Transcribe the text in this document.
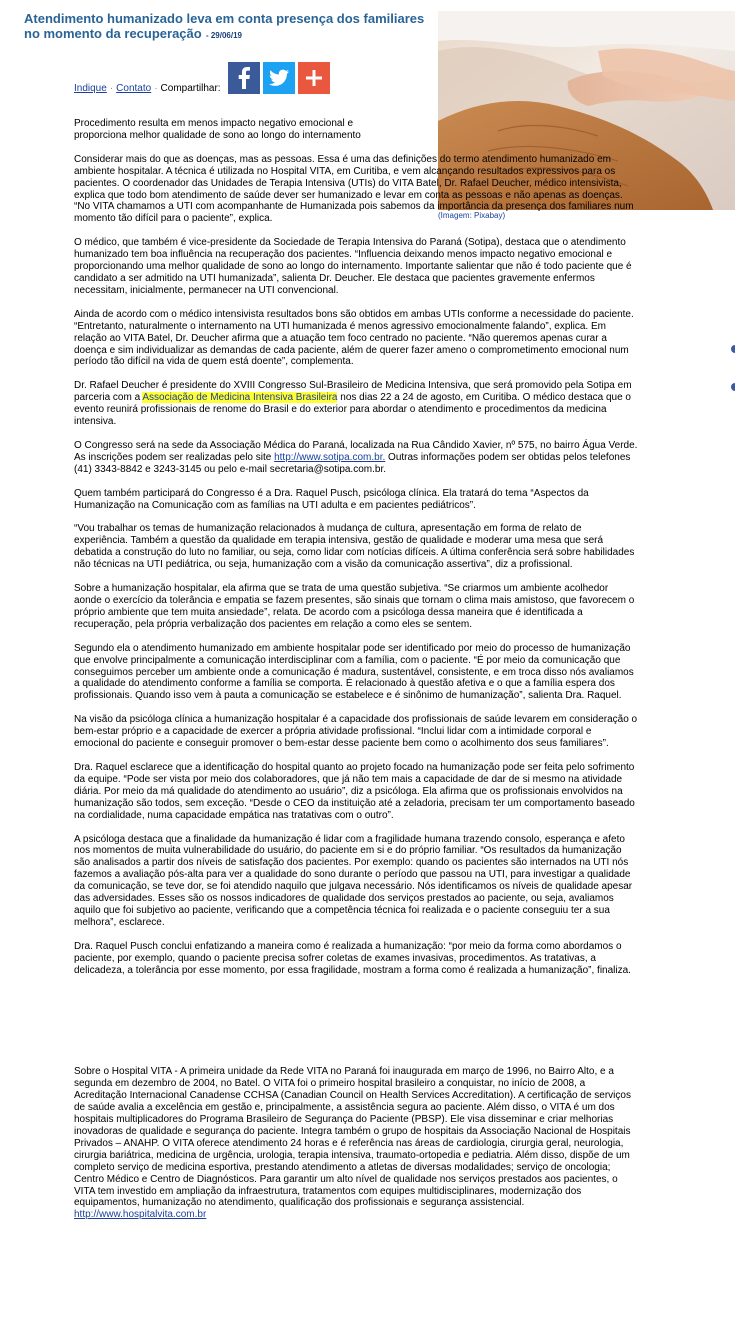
Atendimento humanizado leva em conta presença dos familiares no momento da recuperação - 29/06/19
Indique · Contato · Compartilhar:
(Imagem: Pixabay)

Procedimento resulta em menos impacto negativo emocional e proporciona melhor qualidade de sono ao longo do internamento

Considerar mais do que as doenças, mas as pessoas. Essa é uma das definições do termo atendimento humanizado em ambiente hospitalar. A técnica é utilizada no Hospital VITA, em Curitiba, e vem alcançando resultados expressivos para os pacientes. O coordenador das Unidades de Terapia Intensiva (UTIs) do VITA Batel, Dr. Rafael Deucher, médico intensivista, explica que todo bom atendimento de saúde dever ser humanizado e levar em conta as pessoas e não apenas as doenças. “No VITA chamamos a UTI com acompanhante de Humanizada pois sabemos da importância da presença dos familiares num momento tão difícil para o paciente”, explica.

O médico, que também é vice-presidente da Sociedade de Terapia Intensiva do Paraná (Sotipa), destaca que o atendimento humanizado tem boa influência na recuperação dos pacientes. “Influencia deixando menos impacto negativo emocional e proporcionando uma melhor qualidade de sono ao longo do internamento. Importante salientar que não é todo paciente que é candidato a ser admitido na UTI humanizada”, salienta Dr. Deucher. Ele destaca que pacientes gravemente enfermos necessitam, inicialmente, permanecer na UTI convencional.

Ainda de acordo com o médico intensivista resultados bons são obtidos em ambas UTIs conforme a necessidade do paciente. “Entretanto, naturalmente o internamento na UTI humanizada é menos agressivo emocionalmente falando”, explica. Em relação ao VITA Batel, Dr. Deucher afirma que a atuação tem foco centrado no paciente. “Não queremos apenas curar a doença e sim individualizar as demandas de cada paciente, além de querer fazer ameno o comprometimento emocional num período tão difícil na vida de quem está doente”, complementa.

Dr. Rafael Deucher é presidente do XVIII Congresso Sul-Brasileiro de Medicina Intensiva, que será promovido pela Sotipa em parceria com a Associação de Medicina Intensiva Brasileira nos dias 22 a 24 de agosto, em Curitiba. O médico destaca que o evento reunirá profissionais de renome do Brasil e do exterior para abordar o atendimento e procedimentos da medicina intensiva.

O Congresso será na sede da Associação Médica do Paraná, localizada na Rua Cândido Xavier, nº 575, no bairro Água Verde. As inscrições podem ser realizadas pelo site http://www.sotipa.com.br. Outras informações podem ser obtidas pelos telefones (41) 3343-8842 e 3243-3145 ou pelo e-mail secretaria@sotipa.com.br.

Quem também participará do Congresso é a Dra. Raquel Pusch, psicóloga clínica. Ela tratará do tema “Aspectos da Humanização na Comunicação com as famílias na UTI adulta e em pacientes pediátricos”.

“Vou trabalhar os temas de humanização relacionados à mudança de cultura, apresentação em forma de relato de experiência. Também a questão da qualidade em terapia intensiva, gestão de qualidade e moderar uma mesa que será debatida a construção do luto no familiar, ou seja, como lidar com notícias difíceis. A última conferência será sobre habilidades não técnicas na UTI pediátrica, ou seja, humanização com a visão da comunicação assertiva”, diz a profissional.

Sobre a humanização hospitalar, ela afirma que se trata de uma questão subjetiva. “Se criarmos um ambiente acolhedor aonde o exercício da tolerância e empatia se fazem presentes, são sinais que tornam o clima mais amistoso, que favorecem o próprio ambiente que tem muita ansiedade”, relata. De acordo com a psicóloga dessa maneira que é identificada a recuperação, pela própria verbalização dos pacientes em relação a como eles se sentem.

Segundo ela o atendimento humanizado em ambiente hospitalar pode ser identificado por meio do processo de humanização que envolve principalmente a comunicação interdisciplinar com a família, com o paciente. “É por meio da comunicação que conseguimos perceber um ambiente onde a comunicação é madura, sustentável, consistente, e em troca disso nós avaliamos a qualidade do atendimento conforme a família se comporta. É relacionado à questão afetiva e o que a família espera dos profissionais. Quando isso vem à pauta a comunicação se estabelece e é sinônimo de humanização”, salienta Dra. Raquel.

Na visão da psicóloga clínica a humanização hospitalar é a capacidade dos profissionais de saúde levarem em consideração o bem-estar próprio e a capacidade de exercer a própria atividade profissional. “Inclui lidar com a intimidade corporal e emocional do paciente e conseguir promover o bem-estar desse paciente bem como o acolhimento dos seus familiares”.

Dra. Raquel esclarece que a identificação do hospital quanto ao projeto focado na humanização pode ser feita pelo sofrimento da equipe. “Pode ser vista por meio dos colaboradores, que já não tem mais a capacidade de dar de si mesmo na atividade diária. Por meio da má qualidade do atendimento ao usuário”, diz a psicóloga. Ela afirma que os profissionais envolvidos na humanização são todos, sem exceção. “Desde o CEO da instituição até a zeladoria, precisam ter um comportamento baseado na cordialidade, numa capacidade empática nas tratativas com o outro”.

A psicóloga destaca que a finalidade da humanização é lidar com a fragilidade humana trazendo consolo, esperança e afeto nos momentos de muita vulnerabilidade do usuário, do paciente em si e do próprio familiar. “Os resultados da humanização são analisados a partir dos níveis de satisfação dos pacientes. Por exemplo: quando os pacientes são internados na UTI nós fazemos a avaliação pós-alta para ver a qualidade do sono durante o período que passou na UTI, para investigar a qualidade da comunicação, se teve dor, se foi atendido naquilo que julgava necessário. Nós identificamos os níveis de qualidade apesar das adversidades. Esses são os nossos indicadores de qualidade dos serviços prestados ao paciente, ou seja, avaliamos aquilo que foi subjetivo ao paciente, verificando que a competência técnica foi realizada e o paciente conseguiu ter a sua melhora”, esclarece.

Dra. Raquel Pusch conclui enfatizando a maneira como é realizada a humanização: “por meio da forma como abordamos o paciente, por exemplo, quando o paciente precisa sofrer coletas de exames invasivas, procedimentos. As tratativas, a delicadeza, a tolerância por esse momento, por essa fragilidade, mostram a forma como é realizada a humanização”, finaliza.

Sobre o Hospital VITA - A primeira unidade da Rede VITA no Paraná foi inaugurada em março de 1996, no Bairro Alto, e a segunda em dezembro de 2004, no Batel. O VITA foi o primeiro hospital brasileiro a conquistar, no início de 2008, a Acreditação Internacional Canadense CCHSA (Canadian Council on Health Services Accreditation). A certificação de serviços de saúde avalia a excelência em gestão e, principalmente, a assistência segura ao paciente. Além disso, o VITA é um dos hospitais multiplicadores do Programa Brasileiro de Segurança do Paciente (PBSP). Ele visa disseminar e criar melhorias inovadoras de qualidade e segurança do paciente. Integra também o grupo de hospitais da Associação Nacional de Hospitais Privados – ANAHP. O VITA oferece atendimento 24 horas e é referência nas áreas de cardiologia, cirurgia geral, neurologia, cirurgia bariátrica, medicina de urgência, urologia, terapia intensiva, traumato-ortopedia e pediatria. Além disso, dispõe de um completo serviço de medicina esportiva, prestando atendimento a atletas de diversas modalidades; serviço de oncologia; Centro Médico e Centro de Diagnósticos. Para garantir um alto nível de qualidade nos serviços prestados aos pacientes, o VITA tem investido em ampliação da infraestrutura, tratamentos com equipes multidisciplinares, modernização dos equipamentos, humanização no atendimento, qualificação dos profissionais e segurança assistencial.

http://www.hospitalvita.com.br
